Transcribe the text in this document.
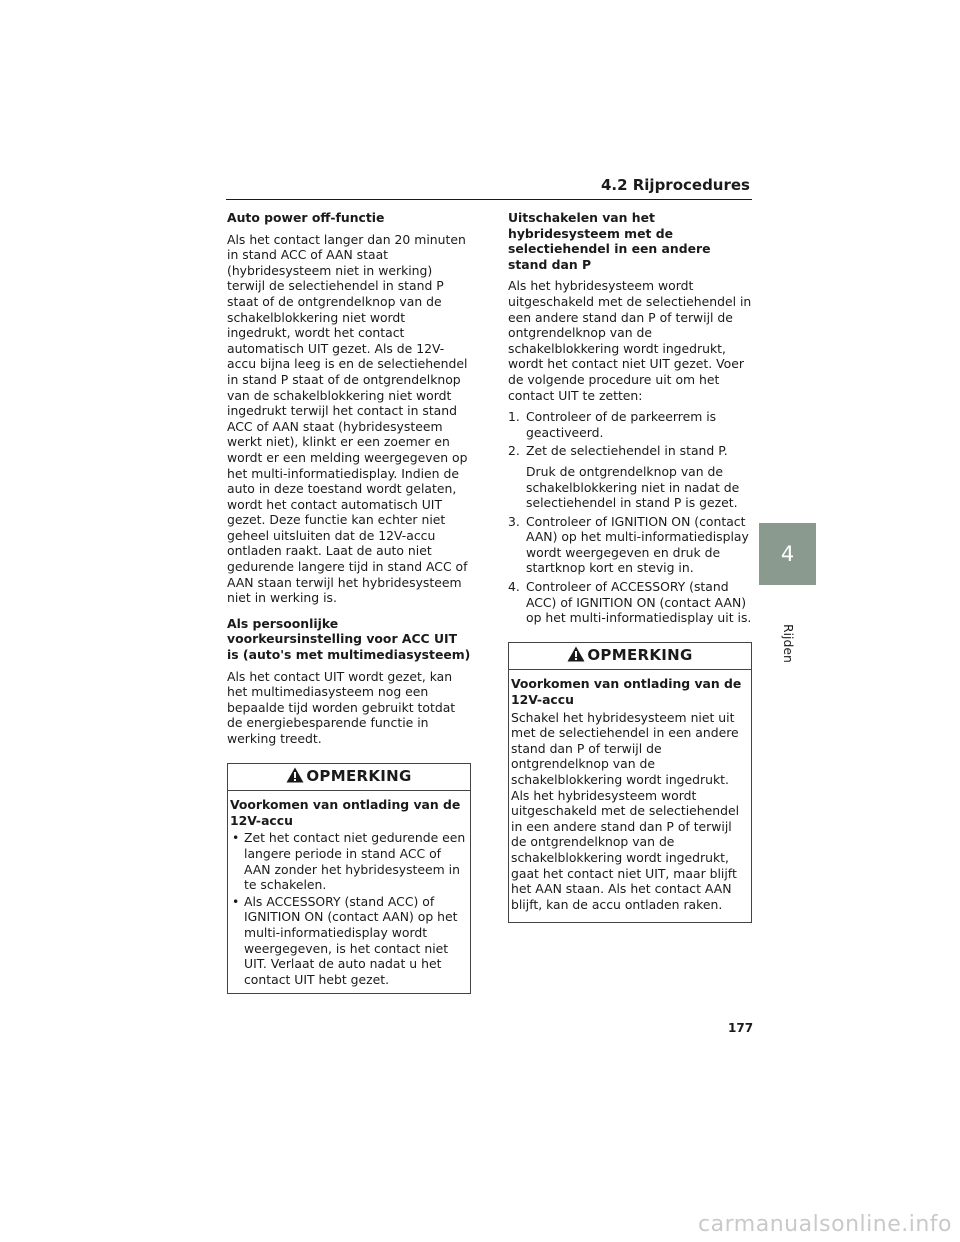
4.2 Rijprocedures
Auto power off-functie
Als het contact langer dan 20 minuten in stand ACC of AAN staat (hybridesysteem niet in werking) terwijl de selectiehendel in stand P staat of de ontgrendelknop van de schakelblokkering niet wordt ingedrukt, wordt het contact automatisch UIT gezet. Als de 12V-accu bijna leeg is en de selectiehendel in stand P staat of de ontgrendelknop van de schakelblokkering niet wordt ingedrukt terwijl het contact in stand ACC of AAN staat (hybridesysteem werkt niet), klinkt er een zoemer en wordt er een melding weergegeven op het multi-informatiedisplay. Indien de auto in deze toestand wordt gelaten, wordt het contact automatisch UIT gezet. Deze functie kan echter niet geheel uitsluiten dat de 12V-accu ontladen raakt. Laat de auto niet gedurende langere tijd in stand ACC of AAN staan terwijl het hybridesysteem niet in werking is.
Als persoonlijke voorkeursinstelling voor ACC UIT is (auto's met multimediasysteem)
Als het contact UIT wordt gezet, kan het multimediasysteem nog een bepaalde tijd worden gebruikt totdat de energiebesparende functie in werking treedt.
OPMERKING
Voorkomen van ontlading van de 12V-accu
• Zet het contact niet gedurende een langere periode in stand ACC of AAN zonder het hybridesysteem in te schakelen.
• Als ACCESSORY (stand ACC) of IGNITION ON (contact AAN) op het multi-informatiedisplay wordt weergegeven, is het contact niet UIT. Verlaat de auto nadat u het contact UIT hebt gezet.
Uitschakelen van het hybridesysteem met de selectiehendel in een andere stand dan P
Als het hybridesysteem wordt uitgeschakeld met de selectiehendel in een andere stand dan P of terwijl de ontgrendelknop van de schakelblokkering wordt ingedrukt, wordt het contact niet UIT gezet. Voer de volgende procedure uit om het contact UIT te zetten:
1. Controleer of de parkeerrem is geactiveerd.
2. Zet de selectiehendel in stand P.
Druk de ontgrendelknop van de schakelblokkering niet in nadat de selectiehendel in stand P is gezet.
3. Controleer of IGNITION ON (contact AAN) op het multi-informatiedisplay wordt weergegeven en druk de startknop kort en stevig in.
4. Controleer of ACCESSORY (stand ACC) of IGNITION ON (contact AAN) op het multi-informatiedisplay uit is.
OPMERKING
Voorkomen van ontlading van de 12V-accu
Schakel het hybridesysteem niet uit met de selectiehendel in een andere stand dan P of terwijl de ontgrendelknop van de schakelblokkering wordt ingedrukt. Als het hybridesysteem wordt uitgeschakeld met de selectiehendel in een andere stand dan P of terwijl de ontgrendelknop van de schakelblokkering wordt ingedrukt, gaat het contact niet UIT, maar blijft het AAN staan. Als het contact AAN blijft, kan de accu ontladen raken.
4
Rijden
177
carmanualsonline.info
